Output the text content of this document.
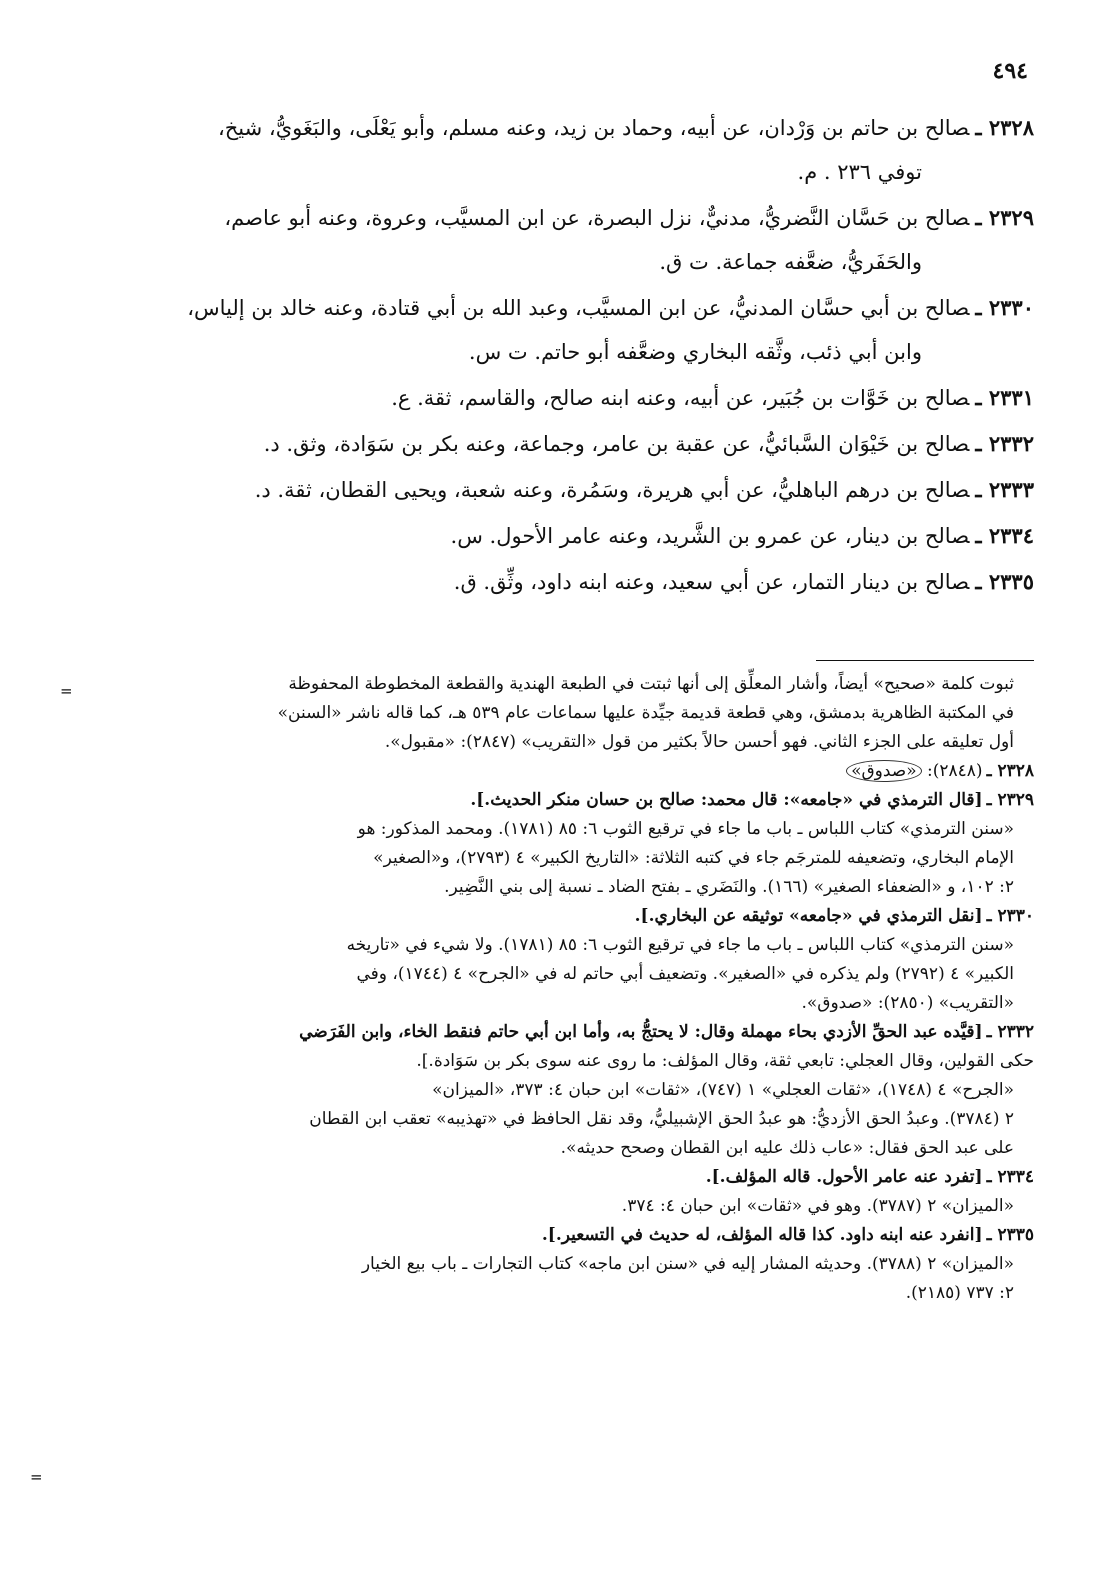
٤٩٤
٢٣٢٨ ـصالح بن حاتم بن وَرْدان، عن أبيه، وحماد بن زيد، وعنه مسلم، وأبو يَعْلَى، والبَغَويُّ، شيخ،
توفي ٢٣٦ . م.
٢٣٢٩ ـصالح بن حَسَّان النَّضريُّ، مدنيٌّ، نزل البصرة، عن ابن المسيَّب، وعروة، وعنه أبو عاصم،
والحَفَريُّ، ضعَّفه جماعة. ت ق.
٢٣٣٠ ـصالح بن أبي حسَّان المدنيُّ، عن ابن المسيَّب، وعبد الله بن أبي قتادة، وعنه خالد بن إلياس،
وابن أبي ذئب، وثَّقه البخاري وضعَّفه أبو حاتم. ت س.
٢٣٣١ ـصالح بن خَوَّات بن جُبَير، عن أبيه، وعنه ابنه صالح، والقاسم، ثقة. ع.
٢٣٣٢ ـصالح بن خَيْوَان السَّبائيُّ، عن عقبة بن عامر، وجماعة، وعنه بكر بن سَوَادة، وثق. د.
٢٣٣٣ ـصالح بن درهم الباهليُّ، عن أبي هريرة، وسَمُرة، وعنه شعبة، ويحيى القطان، ثقة. د.
٢٣٣٤ ـصالح بن دينار، عن عمرو بن الشَّريد، وعنه عامر الأحول. س.
٢٣٣٥ ـصالح بن دينار التمار، عن أبي سعيد، وعنه ابنه داود، وثِّق. ق.
=	ثبوت كلمة «صحيح» أيضاً، وأشار المعلِّق إلى أنها ثبتت في الطبعة الهندية والقطعة المخطوطة المحفوظة

في المكتبة الظاهرية بدمشق، وهي قطعة قديمة جيِّدة عليها سماعات عام ٥٣٩ هـ، كما قاله ناشر «السنن»

أول تعليقه على الجزء الثاني. فهو أحسن حالاً بكثير من قول «التقريب» (٢٨٤٧): «مقبول».

٢٣٢٨ ـ(٢٨٤٨): «صدوق»

٢٣٢٩ ـ[قال الترمذي في «جامعه»: قال محمد: صالح بن حسان منكر الحديث.].

«سنن الترمذي» كتاب اللباس ـ باب ما جاء في ترقيع الثوب ٦: ٨٥ (١٧٨١). ومحمد المذكور: هو

الإمام البخاري، وتضعيفه للمترجَم جاء في كتبه الثلاثة: «التاريخ الكبير» ٤ (٢٧٩٣)، و«الصغير»

٢: ١٠٢، و «الضعفاء الصغير» (١٦٦). والنَضَري ـ بفتح الضاد ـ نسبة إلى بني النَّضِير.

٢٣٣٠ ـ[نقل الترمذي في «جامعه» توثيقه عن البخاري.].

«سنن الترمذي» كتاب اللباس ـ باب ما جاء في ترقيع الثوب ٦: ٨٥ (١٧٨١). ولا شيء في «تاريخه

الكبير» ٤ (٢٧٩٢) ولم يذكره في «الصغير». وتضعيف أبي حاتم له في «الجرح» ٤ (١٧٤٤)، وفي

«التقريب» (٢٨٥٠): «صدوق».

٢٣٣٢ ـ[قيَّده عبد الحقِّ الأزدي بحاء مهملة وقال: لا يحتجُّ به، وأما ابن أبي حاتم فنقط الخاء، وابن الفَرَضي

حكى القولين، وقال العجلي: تابعي ثقة، وقال المؤلف: ما روى عنه سوى بكر بن سَوَادة.].

«الجرح» ٤ (١٧٤٨)، «ثقات العجلي» ١ (٧٤٧)، «ثقات» ابن حبان ٤: ٣٧٣، «الميزان»

٢ (٣٧٨٤). وعبدُ الحق الأزديُّ: هو عبدُ الحق الإشبيليُّ، وقد نقل الحافظ في «تهذيبه» تعقب ابن القطان

على عبد الحق فقال: «عاب ذلك عليه ابن القطان وصحح حديثه».

٢٣٣٤ ـ[تفرد عنه عامر الأحول. قاله المؤلف.].

«الميزان» ٢ (٣٧٨٧). وهو في «ثقات» ابن حبان ٤: ٣٧٤.

٢٣٣٥ ـ[انفرد عنه ابنه داود. كذا قاله المؤلف، له حديث في التسعير.].

«الميزان» ٢ (٣٧٨٨). وحديثه المشار إليه في «سنن ابن ماجه» كتاب التجارات ـ باب بيع الخيار

٢: ٧٣٧ (٢١٨٥).

=
